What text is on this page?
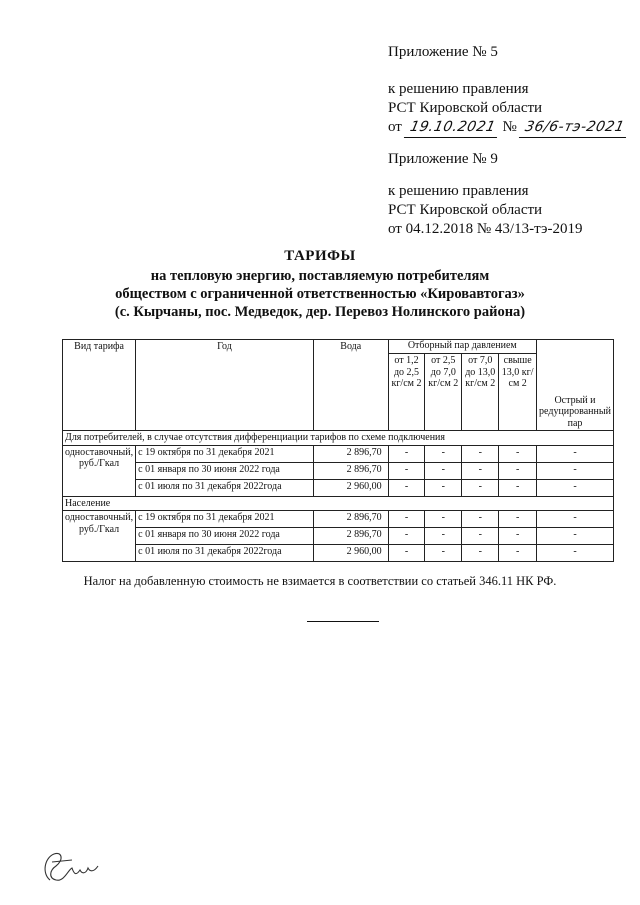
Приложение № 5
к решению правления
РСТ Кировской области
от 19.10.2021 № 36/6-тэ-2021
Приложение № 9
к решению правления
РСТ Кировской области
от 04.12.2018 № 43/13-тэ-2019
ТАРИФЫ
на тепловую энергию, поставляемую потребителям
обществом с ограниченной ответственностью «Кировавтогаз»
(с. Кырчаны, пос. Медведок, дер. Перевоз Нолинского района)
Вид тарифа	Год	Вода	Отборный пар давлением				Острый и редуцированный пар
			от 1,2 до 2,5 кг/см 2	от 2,5 до 7,0 кг/см 2	от 7,0 до 13,0 кг/см 2	свыше 13,0 кг/см 2	
Для потребителей, в случае отсутствия дифференциации тарифов по схеме подключения							
одноставочный, руб./Гкал	с 19 октября по 31 декабря 2021	2 896,70	-	-	-	-	-
	с 01 января по 30 июня 2022 года	2 896,70	-	-	-	-	-
	с 01 июля по 31 декабря 2022года	2 960,00	-	-	-	-	-
Население							
одноставочный, руб./Гкал	с 19 октября по 31 декабря 2021	2 896,70	-	-	-	-	-
	с 01 января по 30 июня 2022 года	2 896,70	-	-	-	-	-
	с 01 июля по 31 декабря 2022года	2 960,00	-	-	-	-	-
Налог на добавленную стоимость не взимается в соответствии со статьей 346.11 НК РФ.
